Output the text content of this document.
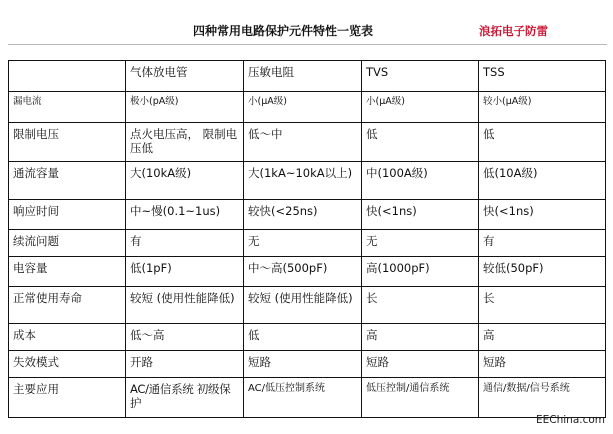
四种常用电路保护元件特性一览表	浪拓电子防雷
	气体放电管	压敏电阻	TVS	TSS
漏电流	极小(pA级)	小(μA级)	小(μA级)	较小(μA级)
限制电压	点火电压高， 限制电压低	低～中	低	低
通流容量	大(10kA级)	大(1kA~10kA以上)	中(100A级)	低(10A级)
响应时间	中~慢(0.1~1us)	较快(<25ns)	快(<1ns)	快(<1ns)
续流问题	有	无	无	有
电容量	低(1pF)	中～高(500pF)	高(1000pF)	较低(50pF)
正常使用寿命	较短 (使用性能降低)	较短 (使用性能降低)	长	长
成本	低～高	低	高	高
失效模式	开路	短路	短路	短路
主要应用	AC/通信系统 初级保护	AC/低压控制系统	低压控制/通信系统	通信/数据/信号系统
EEChina.com
